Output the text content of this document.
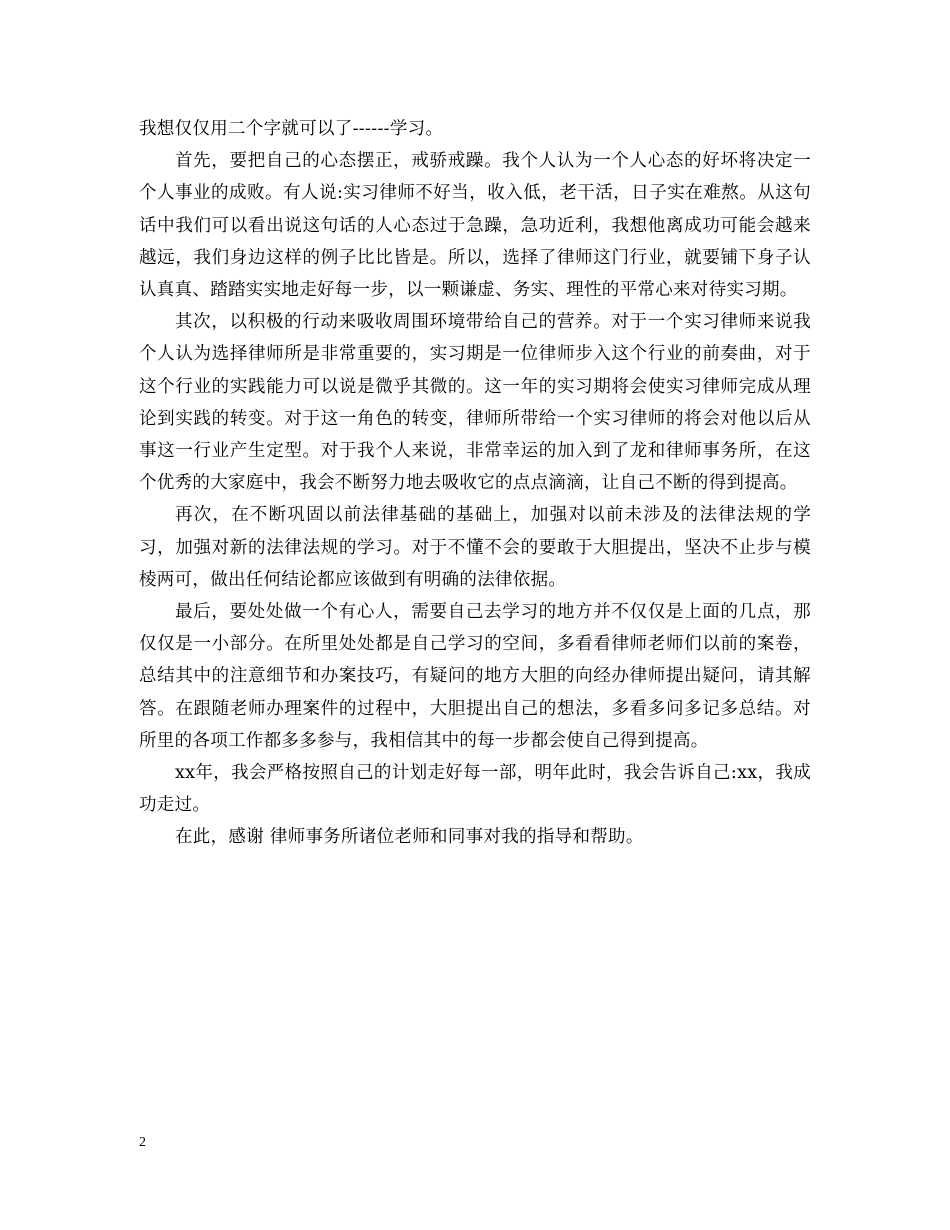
我想仅仅用二个字就可以了------学习。

首先，要把自己的心态摆正，戒骄戒躁。我个人认为一个人心态的好坏将决定一个人事业的成败。有人说:实习律师不好当，收入低，老干活，日子实在难熬。从这句话中我们可以看出说这句话的人心态过于急躁，急功近利，我想他离成功可能会越来越远，我们身边这样的例子比比皆是。所以，选择了律师这门行业，就要铺下身子认认真真、踏踏实实地走好每一步，以一颗谦虚、务实、理性的平常心来对待实习期。

其次，以积极的行动来吸收周围环境带给自己的营养。对于一个实习律师来说我个人认为选择律师所是非常重要的，实习期是一位律师步入这个行业的前奏曲，对于这个行业的实践能力可以说是微乎其微的。这一年的实习期将会使实习律师完成从理论到实践的转变。对于这一角色的转变，律师所带给一个实习律师的将会对他以后从事这一行业产生定型。对于我个人来说，非常幸运的加入到了龙和律师事务所，在这个优秀的大家庭中，我会不断努力地去吸收它的点点滴滴，让自己不断的得到提高。

再次，在不断巩固以前法律基础的基础上，加强对以前未涉及的法律法规的学习，加强对新的法律法规的学习。对于不懂不会的要敢于大胆提出，坚决不止步与模棱两可，做出任何结论都应该做到有明确的法律依据。

最后，要处处做一个有心人，需要自己去学习的地方并不仅仅是上面的几点，那仅仅是一小部分。在所里处处都是自己学习的空间，多看看律师老师们以前的案卷，总结其中的注意细节和办案技巧，有疑问的地方大胆的向经办律师提出疑问，请其解答。在跟随老师办理案件的过程中，大胆提出自己的想法，多看多问多记多总结。对所里的各项工作都多多参与，我相信其中的每一步都会使自己得到提高。

xx年，我会严格按照自己的计划走好每一部，明年此时，我会告诉自己:xx，我成功走过。

在此，感谢 律师事务所诸位老师和同事对我的指导和帮助。

2
